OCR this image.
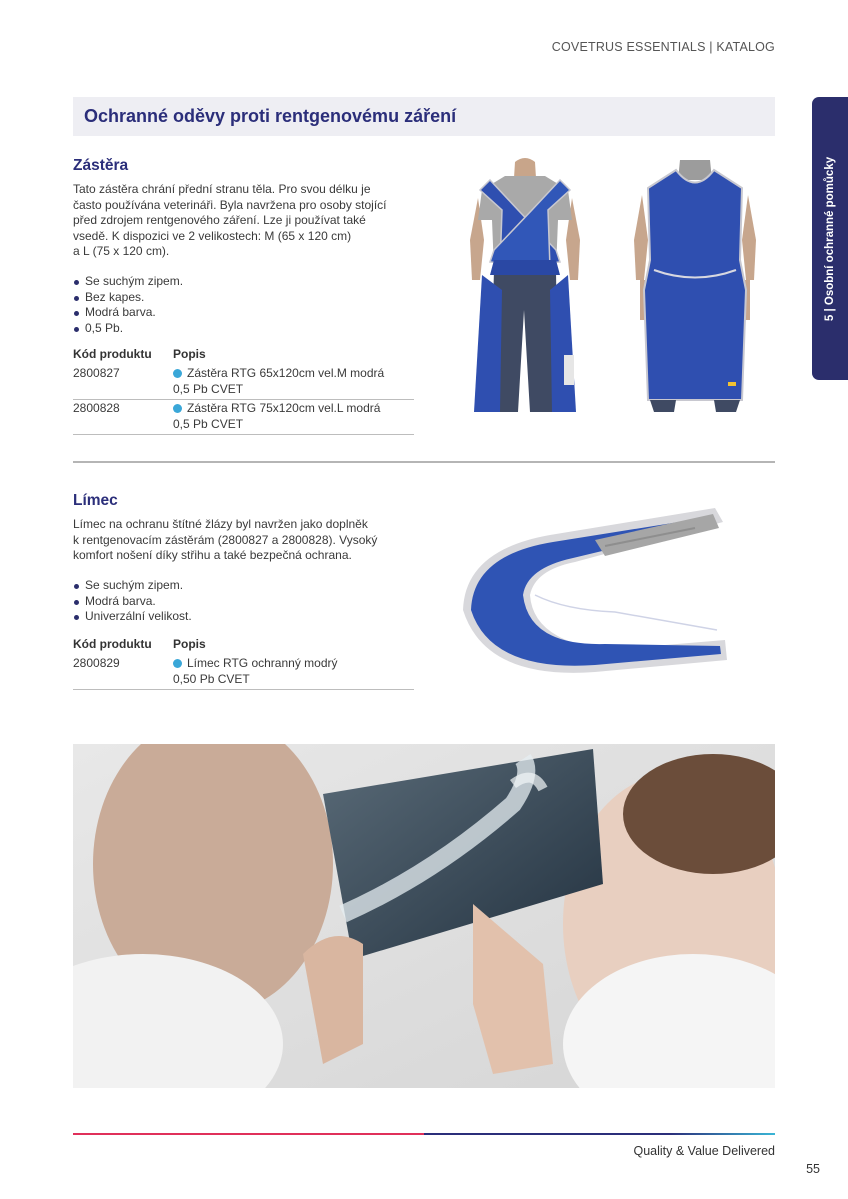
COVETRUS ESSENTIALS | KATALOG
Ochranné oděvy proti rentgenovému záření
5 | Osobní ochranné pomůcky
Zástěra
Tato zástěra chrání přední stranu těla. Pro svou délku je
často používána veterináři. Byla navržena pro osoby stojící
před zdrojem rentgenového záření. Lze ji používat také
vsedě. K dispozici ve 2 velikostech: M (65 x 120 cm)
a L (75 x 120 cm).
Se suchým zipem.
Bez kapes.
Modrá barva.
0,5 Pb.
Kód produktu	Popis
2800827	Zástěra RTG 65x120cm vel.M modrá
0,5 Pb CVET
2800828	Zástěra RTG 75x120cm vel.L modrá
0,5 Pb CVET
Límec
Límec na ochranu štítné žlázy byl navržen jako doplněk
k rentgenovacím zástěrám (2800827 a 2800828). Vysoký
komfort nošení díky střihu a také bezpečná ochrana.
Se suchým zipem.
Modrá barva.
Univerzální velikost.
Kód produktu	Popis
2800829	Límec RTG ochranný modrý
0,50 Pb CVET
Quality & Value Delivered
55
